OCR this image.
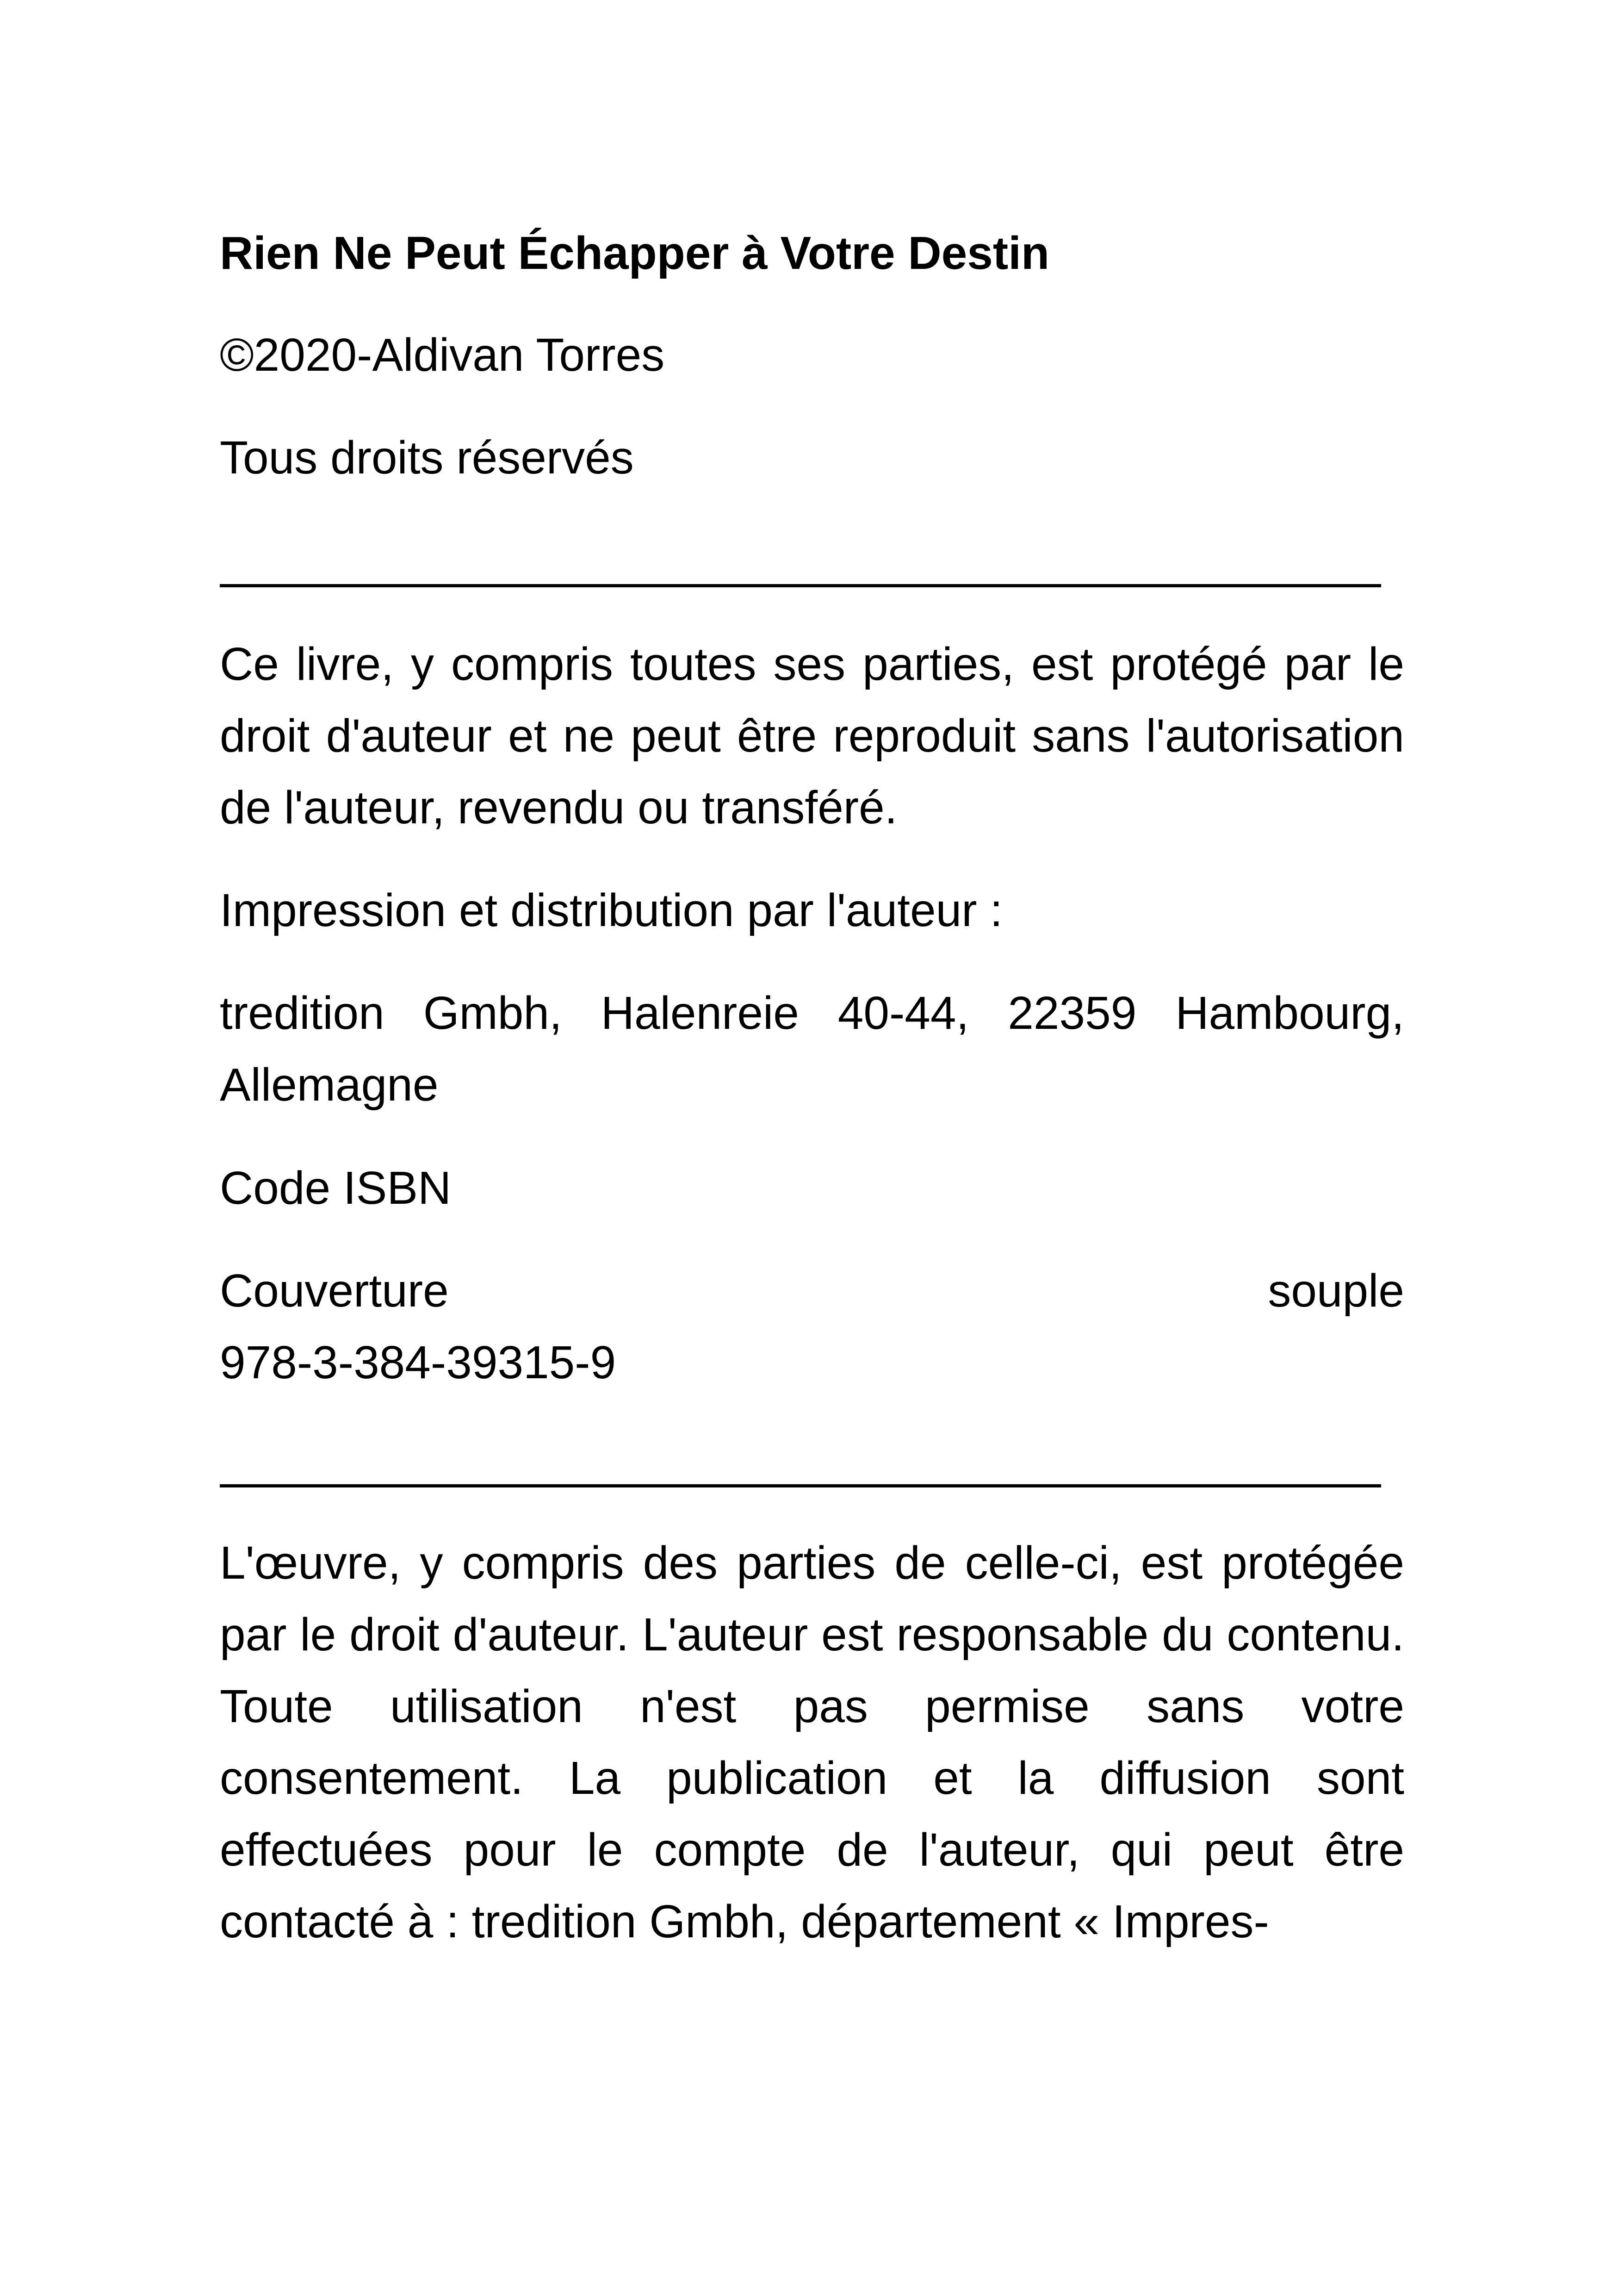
Rien Ne Peut Échapper à Votre Destin

©2020-Aldivan Torres

Tous droits réservés

Ce livre, y compris toutes ses parties, est protégé par le droit d'auteur et ne peut être reproduit sans l'autorisation de l'auteur, revendu ou transféré.

Impression et distribution par l'auteur :

tredition Gmbh, Halenreie 40-44, 22359 Hambourg, Allemagne

Code ISBN

Couverture	souple

978-3-384-39315-9

L'œuvre, y compris des parties de celle-ci, est protégée par le droit d'auteur. L'auteur est responsable du contenu. Toute utilisation n'est pas permise sans votre consentement. La publication et la diffusion sont effectuées pour le compte de l'auteur, qui peut être contacté à : tredition Gmbh, département « Impres-
